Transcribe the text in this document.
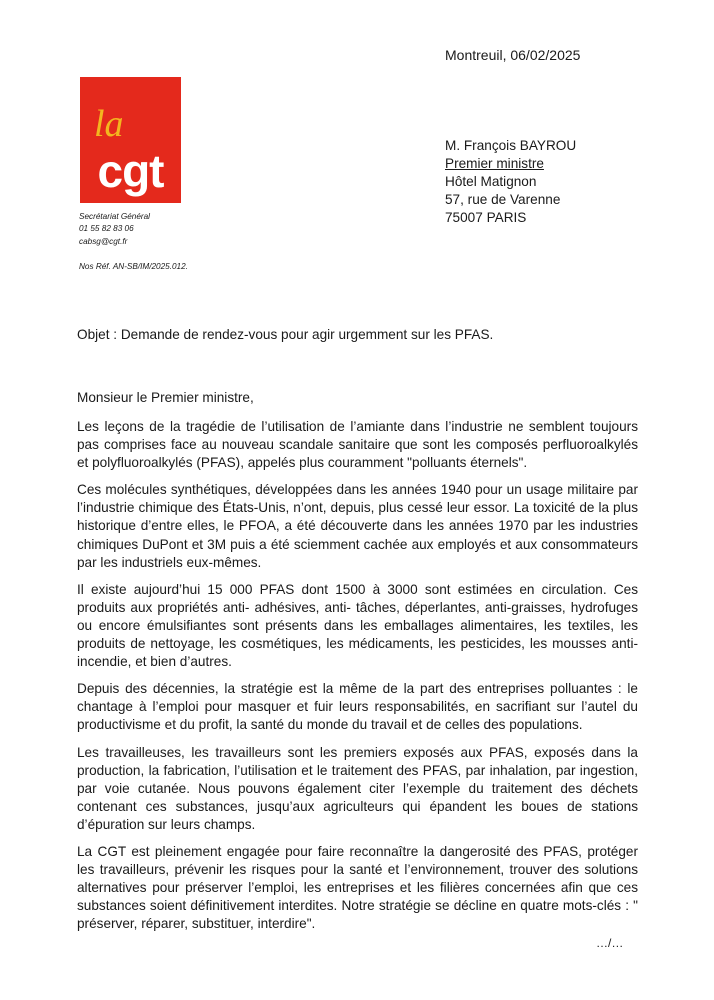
Montreuil, 06/02/2025
la
cgt
Secrétariat Général
01 55 82 83 06
cabsg@cgt.fr
Nos Réf. AN-SB/IM/2025.012.
M. François BAYROU
Premier ministre
Hôtel Matignon
57, rue de Varenne
75007 PARIS
Objet : Demande de rendez-vous pour agir urgemment sur les PFAS.
Monsieur le Premier ministre,

Les leçons de la tragédie de l’utilisation de l’amiante dans l’industrie ne semblent toujours pas comprises face au nouveau scandale sanitaire que sont les composés perfluoroalkylés et polyfluoroalkylés (PFAS), appelés plus couramment "polluants éternels".

Ces molécules synthétiques, développées dans les années 1940 pour un usage militaire par l’industrie chimique des États-Unis, n’ont, depuis, plus cessé leur essor. La toxicité de la plus historique d’entre elles, le PFOA, a été découverte dans les années 1970 par les industries chimiques DuPont et 3M puis a été sciemment cachée aux employés et aux consommateurs par les industriels eux-mêmes.

Il existe aujourd’hui 15 000 PFAS dont 1500 à 3000 sont estimées en circulation. Ces produits aux propriétés anti- adhésives, anti- tâches, déperlantes, anti-graisses, hydrofuges ou encore émulsifiantes sont présents dans les emballages alimentaires, les textiles, les produits de nettoyage, les cosmétiques, les médicaments, les pesticides, les mousses anti-incendie, et bien d’autres.

Depuis des décennies, la stratégie est la même de la part des entreprises polluantes : le chantage à l’emploi pour masquer et fuir leurs responsabilités, en sacrifiant sur l’autel du productivisme et du profit, la santé du monde du travail et de celles des populations.

Les travailleuses, les travailleurs sont les premiers exposés aux PFAS, exposés dans la production, la fabrication, l’utilisation et le traitement des PFAS, par inhalation, par ingestion, par voie cutanée. Nous pouvons également citer l’exemple du traitement des déchets contenant ces substances, jusqu’aux agriculteurs qui épandent les boues de stations d’épuration sur leurs champs.

La CGT est pleinement engagée pour faire reconnaître la dangerosité des PFAS, protéger les travailleurs, prévenir les risques pour la santé et l’environnement, trouver des solutions alternatives pour préserver l’emploi, les entreprises et les filières concernées afin que ces substances soient définitivement interdites. Notre stratégie se décline en quatre mots-clés : " préserver, réparer, substituer, interdire".

…/…
